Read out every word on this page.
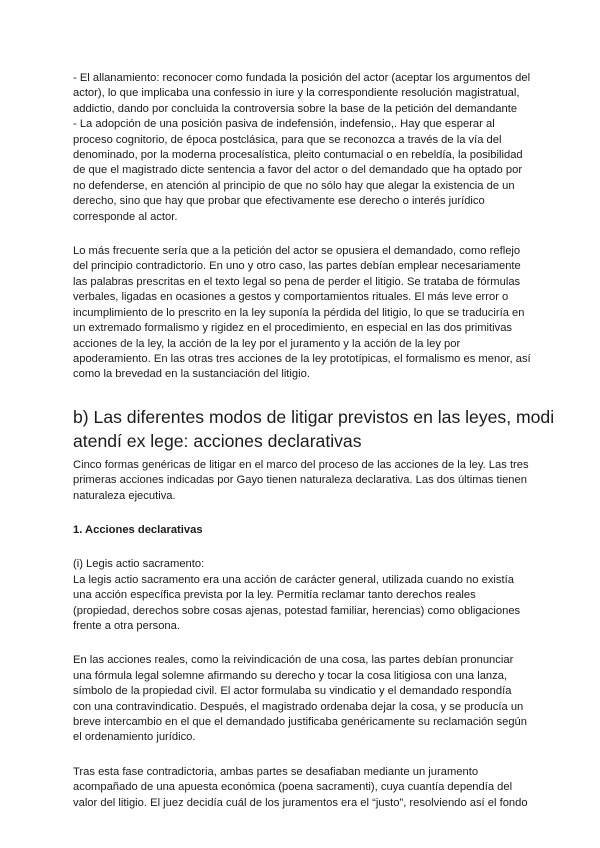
- El allanamiento: reconocer como fundada la posición del actor (aceptar los argumentos del
actor), lo que implicaba una confessio in iure y la correspondiente resolución magistratual,
addictio, dando por concluida la controversia sobre la base de la petición del demandante
- La adopción de una posición pasiva de indefensión, indefensio,. Hay que esperar al
proceso cognitorio, de época postclásica, para que se reconozca a través de la vía del
denominado, por la moderna procesalística, pleito contumacial o en rebeldía, la posibilidad
de que el magistrado dicte sentencia a favor del actor o del demandado que ha optado por
no defenderse, en atención al principio de que no sólo hay que alegar la existencia de un
derecho, sino que hay que probar que efectivamente ese derecho o interés jurídico
corresponde al actor.

Lo más frecuente sería que a la petición del actor se opusiera el demandado, como reflejo
del principio contradictorio. En uno y otro caso, las partes debían emplear necesariamente
las palabras prescritas en el texto legal so pena de perder el litigio. Se trataba de fórmulas
verbales, ligadas en ocasiones a gestos y comportamientos rituales. El más leve error o
incumplimiento de lo prescrito en la ley suponía la pérdida del litigio, lo que se traduciría en
un extremado formalismo y rigidez en el procedimiento, en especial en las dos primitivas
acciones de la ley, la acción de la ley por el juramento y la acción de la ley por
apoderamiento. En las otras tres acciones de la ley prototípicas, el formalismo es menor, así
como la brevedad en la sustanciación del litigio.

b) Las diferentes modos de litigar previstos en las leyes, modi
atendí ex lege: acciones declarativas

Cinco formas genéricas de litigar en el marco del proceso de las acciones de la ley. Las tres
primeras acciones indicadas por Gayo tienen naturaleza declarativa. Las dos últimas tienen
naturaleza ejecutiva.

1. Acciones declarativas

(i) Legis actio sacramento:
La legis actio sacramento era una acción de carácter general, utilizada cuando no existía
una acción específica prevista por la ley. Permitía reclamar tanto derechos reales
(propiedad, derechos sobre cosas ajenas, potestad familiar, herencias) como obligaciones
frente a otra persona.

En las acciones reales, como la reivindicación de una cosa, las partes debían pronunciar
una fórmula legal solemne afirmando su derecho y tocar la cosa litigiosa con una lanza,
símbolo de la propiedad civil. El actor formulaba su vindicatio y el demandado respondía
con una contravindicatio. Después, el magistrado ordenaba dejar la cosa, y se producía un
breve intercambio en el que el demandado justificaba genéricamente su reclamación según
el ordenamiento jurídico.

Tras esta fase contradictoria, ambas partes se desafiaban mediante un juramento
acompañado de una apuesta económica (poena sacramenti), cuya cuantía dependía del
valor del litigio. El juez decidía cuál de los juramentos era el “justo”, resolviendo así el fondo
